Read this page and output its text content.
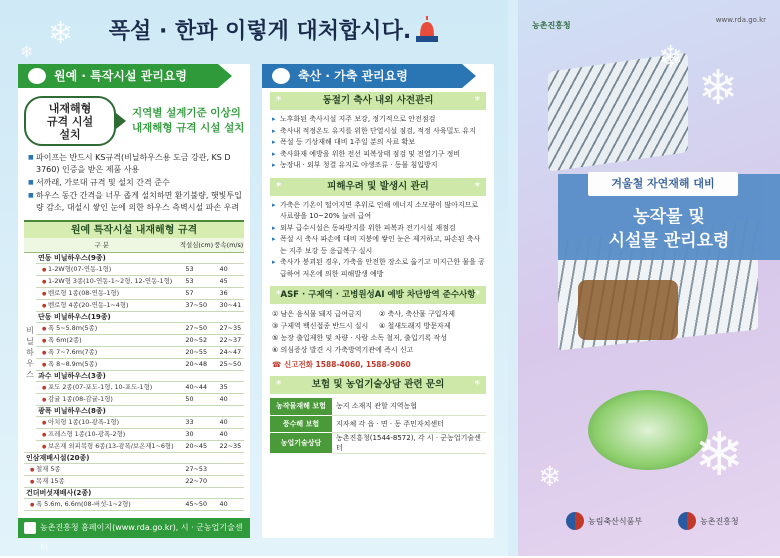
❄
❄
폭설 · 한파 이렇게 대처합시다.
원예 · 특작시설 관리요령
내재해형
규격 시설
설치
지역별 설계기준 이상의
내재해형 규격 시설 설치
■ 파이프는 반드시 KS규격(비닐하우스용 도금 강관, KS D 3760) 인증을 받은 제품 사용
■ 서까래, 가로대 규격 및 설치 간격 준수
■ 하우스 동간 간격을 너무 좁게 설치하면 환기불량, 햇빛투입량 감소, 대설시 쌓인 눈에 의한 하우스 측벽시설 파손 우려
원예 특작시설 내재해형 규격
구 분		적설심(cm)	풍속(m/s)
비
닐
하
우
스	연동 비닐하우스(9종)		
	● 1-2W형(07-연동-1형)	53	40
	● 1-2W형 3종(10-연동-1~2형, 12-연동-1형)	53	45
	● 벤로형 1종(08-연동-1형)	57	36
	● 벤로형 4종(20-연동-1~4형)	37~50	30~41
	단동 비닐하우스(19종)		
	● 폭 5~5.8m(5종)	27~50	27~35
	● 폭 6m(2종)	20~52	22~37
	● 폭 7~7.6m(7종)	20~55	24~47
	● 폭 8~8.9m(5종)	20~48	25~50
	과수 비닐하우스(3종)		
	● 포도 2종(07-포도-1형, 10-포도-1형)	40~44	35
	● 감귤 1종(08-감귤-1형)	50	40
	광폭 비닐하우스(8종)		
	● 아치형 1종(10-광폭-1형)	33	40
	● 프레스형 1종(10-광폭-2형)	30	40
	● 보온재 외피복형 6종(13-광폭/보온재1~6형)	20~45	22~35
인삼재배시설(20종)			
● 철재 5종		27~53	
● 목재 15종		22~70	
건더버섯재배사(2종)			
● 폭 5.6m, 6.6m(08-버섯-1~2형)		45~50	40
농촌진흥청 홈페이지(www.rda.go.kr), 시 · 군농업기술센터
축산 · 가축 관리요령
*	동절기 축사 내외 사전관리	*
▸ 노후화된 축사시설 지주 보강, 정기적으로 안전점검
▸ 축사내 적정온도 유지를 위한 단열시설 점검, 적정 사육밀도 유지
▸ 폭설 등 기상재해 대비 1주일 분의 사료 확보
▸ 축사화재 예방을 위한 전선 피복상태 점검 및 전열기구 정비
▸ 농장내 · 외부 청결 유지로 야생조류 · 동물 침입방지
*	피해우려 및 발생시 관리	*
▸ 가축은 기온이 떨어지면 추위로 인해 에너지 소모량이 많아지므로 사료량을 10~20% 늘려 급여
▸ 외부 급수시설은 동파방지를 위한 피복과 전기시설 재점검
▸ 폭설 시 축사 파손에 대비 지붕에 쌓인 눈은 제거하고, 파손된 축사는 지주 보강 등 응급복구 실시
▸ 축사가 붕괴된 경우, 가축을 안전한 장소로 옮기고 미지근한 물을 공급하여 저온에 의한 피해발생 예방
* ASF · 구제역 · 고병원성AI 예방 차단방역 준수사항 *
① 남은 음식물 돼지 급여금지	② 축사, 축산물 구입자제
③ 구제역 백신접종 반드시 실시	④ 철새도래지 방문자제
⑤ 농장 출입제한 및 차량 · 사람 소독 철저, 출입기록 작성
⑥ 의심증상 발견 시 가축방역기관에 즉시 신고
☎ 신고전화 1588-4060, 1588-9060
*	보험 및 농업기술상담 관련 문의	*
농작물재해 보험	농지 소재지 관할 지역농협
풍수해 보험	지자체 각 읍 · 면 · 동 주민자치센터
농업기술상담	농촌진흥청(1544-8572), 각 시 · 군농업기술센터
농촌진흥청
www.rda.go.kr
❄
❄
❄
❄
겨울철 자연재해 대비
농작물 및
시설물 관리요령
농림축산식품부	농촌진흥청
